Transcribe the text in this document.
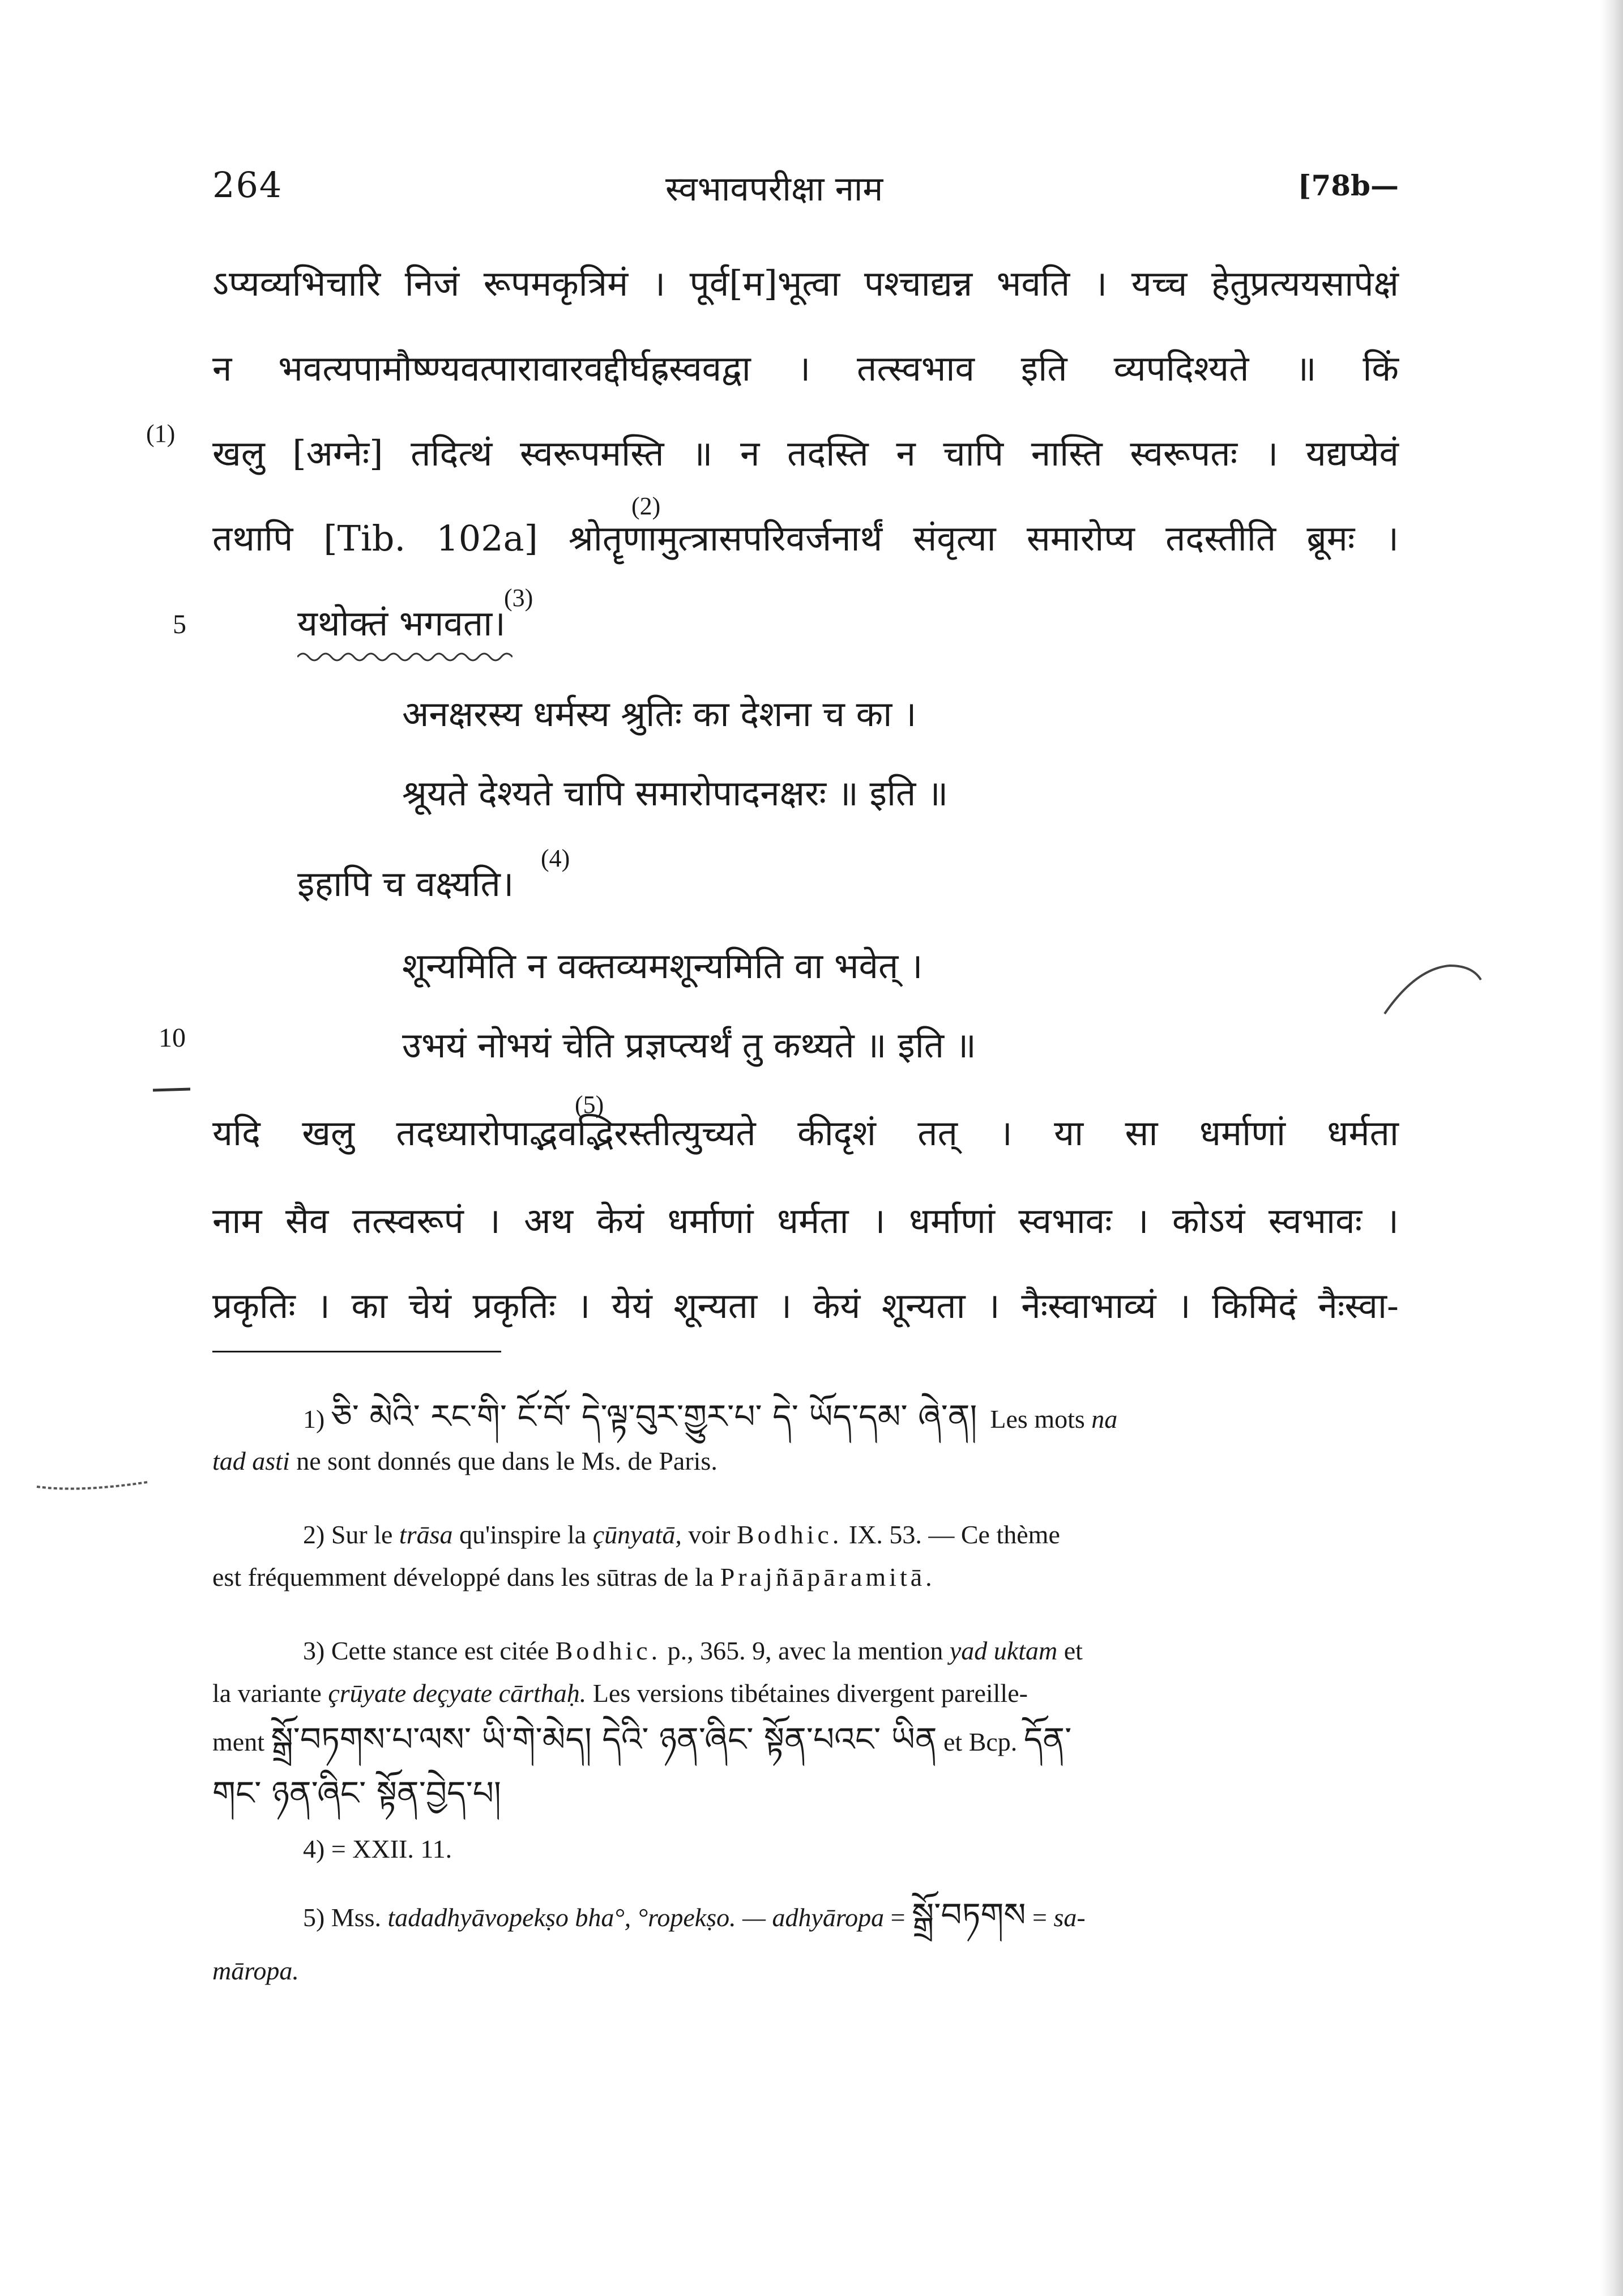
264	स्वभावपरीक्षा नाम	[78b—
ऽप्यव्यभिचारि निजं रूपमकृत्रिमं । पूर्व[म]भूत्वा पश्चाद्यन्न भवति । यच्च हेतुप्रत्ययसापेक्षं
न भवत्यपामौष्ण्यवत्पारावारवद्दीर्घह्रस्ववद्वा । तत्स्वभाव इति व्यपदिश्यते ॥ किं
खलु [अग्नेः] तदित्थं स्वरूपमस्ति ॥ न तदस्ति न चापि नास्ति स्वरूपतः । यद्यप्येवं
तथापि [Tib. 102a] श्रोतॄणामुत्त्रासपरिवर्जनार्थं संवृत्या समारोप्य तदस्तीति ब्रूमः ।
यथोक्तं भगवता।
अनक्षरस्य धर्मस्य श्रुतिः का देशना च का ।
श्रूयते देश्यते चापि समारोपादनक्षरः ॥ इति ॥
इहापि च वक्ष्यति।
शून्यमिति न वक्तव्यमशून्यमिति वा भवेत् ।
उभयं नोभयं चेति प्रज्ञप्त्यर्थं तु कथ्यते ॥ इति ॥
यदि खलु तदध्यारोपाद्भवद्भिरस्तीत्युच्यते कीदृशं तत् । या सा धर्माणां धर्मता
नाम सैव तत्स्वरूपं । अथ केयं धर्माणां धर्मता । धर्माणां स्वभावः । कोऽयं स्वभावः ।
प्रकृतिः । का चेयं प्रकृतिः । येयं शून्यता । केयं शून्यता । नैःस्वाभाव्यं । किमिदं नैःस्वा-
(1)
(2)
(3)
(4)
(5)
5
10
1) ཅི་ མེའི་ རང་གི་ ངོ་བོ་ དེ་ལྟ་བུར་གྱུར་པ་ དེ་ ཡོད་དམ་ ཞེ་ན། Les mots na
tad asti ne sont donnés que dans le Ms. de Paris.
2) Sur le trāsa qu'inspire la çūnyatā, voir Bodhic. IX. 53. — Ce thème
est fréquemment développé dans les sūtras de la Prajñāpāramitā.
3) Cette stance est citée Bodhic. p., 365. 9, avec la mention yad uktam et
la variante çrūyate deçyate cārthaḥ. Les versions tibétaines divergent pareille-
ment སྒྲོ་བཏགས་པ་ལས་ ཡི་གེ་མེད། དེའི་ ཉན་ཞིང་ སྟོན་པའང་ ཡིན et Bcp. དོན་
གང་ ཉན་ཞིང་ སྟོན་བྱེད་པ།
4) = XXII. 11.
5) Mss. tadadhyāvopekṣo bha°, °ropekṣo. — adhyāropa = སྒྲོ་བཏགས = sa-
māropa.
